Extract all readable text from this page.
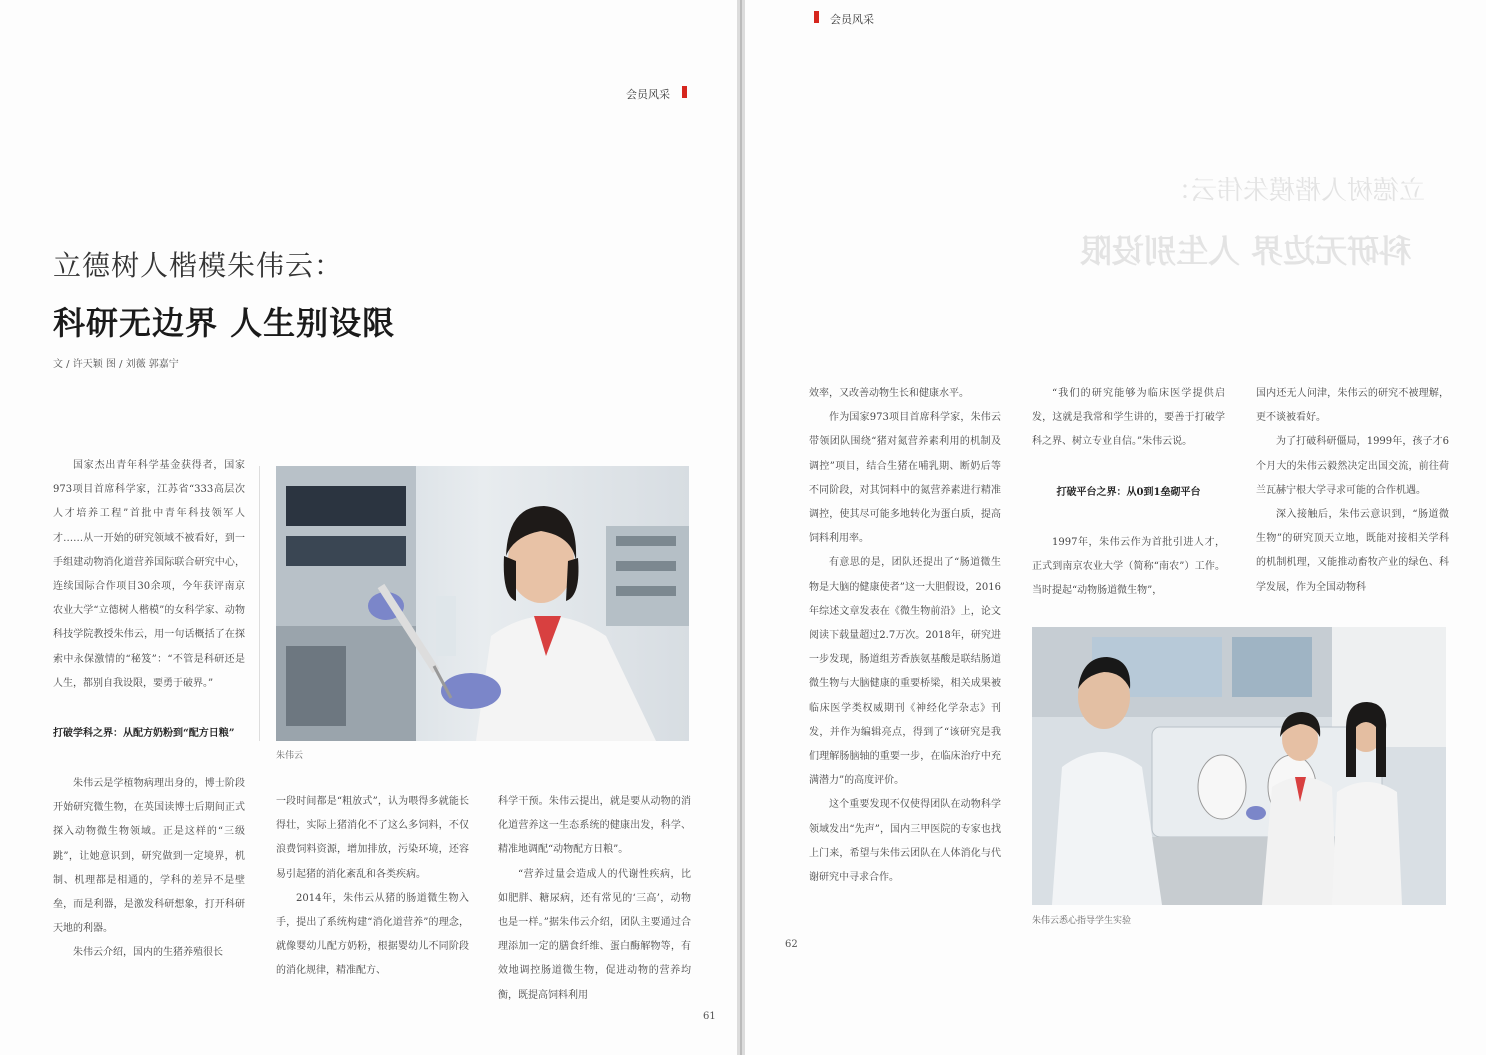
会员风采
立德树人楷模朱伟云：
科研无边界 人生别设限
文 / 许天颖 图 / 刘薇 郭嘉宁

国家杰出青年科学基金获得者，国家973项目首席科学家，江苏省“333高层次人才培养工程”首批中青年科技领军人才……从一开始的研究领域不被看好，到一手组建动物消化道营养国际联合研究中心，连续国际合作项目30余项，今年获评南京农业大学“立德树人楷模”的女科学家、动物科技学院教授朱伟云，用一句话概括了在探索中永保激情的“秘笈”：“不管是科研还是人生，都别自我设限，要勇于破界。”

打破学科之界：从配方奶粉到“配方日粮”

朱伟云是学植物病理出身的，博士阶段开始研究微生物，在英国读博士后期间正式探入动物微生物领域。正是这样的“三级跳”，让她意识到，研究做到一定境界，机制、机理都是相通的，学科的差异不是壁垒，而是利器，是激发科研想象，打开科研天地的利器。

朱伟云介绍，国内的生猪养殖很长

朱伟云

一段时间都是“粗放式”，认为喂得多就能长得壮，实际上猪消化不了这么多饲料，不仅浪费饲料资源，增加排放，污染环境，还容易引起猪的消化紊乱和各类疾病。

2014年，朱伟云从猪的肠道微生物入手，提出了系统构建“消化道营养”的理念，就像婴幼儿配方奶粉，根据婴幼儿不同阶段的消化规律，精准配方、

科学干预。朱伟云提出，就是要从动物的消化道营养这一生态系统的健康出发，科学、精准地调配“动物配方日粮”。

“营养过量会造成人的代谢性疾病，比如肥胖、糖尿病，还有常见的‘三高’，动物也是一样。”据朱伟云介绍，团队主要通过合理添加一定的膳食纤维、蛋白酶解物等，有效地调控肠道微生物，促进动物的营养均衡，既提高饲料利用

61
会员风采
立德树人楷模朱伟云：
科研无边界 人生别设限

效率，又改善动物生长和健康水平。

作为国家973项目首席科学家，朱伟云带领团队围绕“猪对氮营养素利用的机制及调控”项目，结合生猪在哺乳期、断奶后等不同阶段，对其饲料中的氮营养素进行精准调控，使其尽可能多地转化为蛋白质，提高饲料利用率。

有意思的是，团队还提出了“肠道微生物是大脑的健康使者”这一大胆假设，2016年综述文章发表在《微生物前沿》上，论文阅读下载量超过2.7万次。2018年，研究进一步发现，肠道组芳香族氨基酸是联结肠道微生物与大脑健康的重要桥梁，相关成果被临床医学类权威期刊《神经化学杂志》刊发，并作为编辑亮点，得到了“该研究是我们理解肠脑轴的重要一步，在临床治疗中充满潜力”的高度评价。

这个重要发现不仅使得团队在动物科学领域发出“先声”，国内三甲医院的专家也找上门来，希望与朱伟云团队在人体消化与代谢研究中寻求合作。

“我们的研究能够为临床医学提供启发，这就是我常和学生讲的，要善于打破学科之界、树立专业自信。”朱伟云说。

打破平台之界：从0到1垒砌平台

1997年，朱伟云作为首批引进人才，正式到南京农业大学（简称“南农”）工作。当时提起“动物肠道微生物”，

国内还无人问津，朱伟云的研究不被理解，更不谈被看好。

为了打破科研僵局，1999年，孩子才6个月大的朱伟云毅然决定出国交流，前往荷兰瓦赫宁根大学寻求可能的合作机遇。

深入接触后，朱伟云意识到，“肠道微生物”的研究顶天立地，既能对接相关学科的机制机理，又能推动畜牧产业的绿色、科学发展，作为全国动物科

朱伟云悉心指导学生实验
62
